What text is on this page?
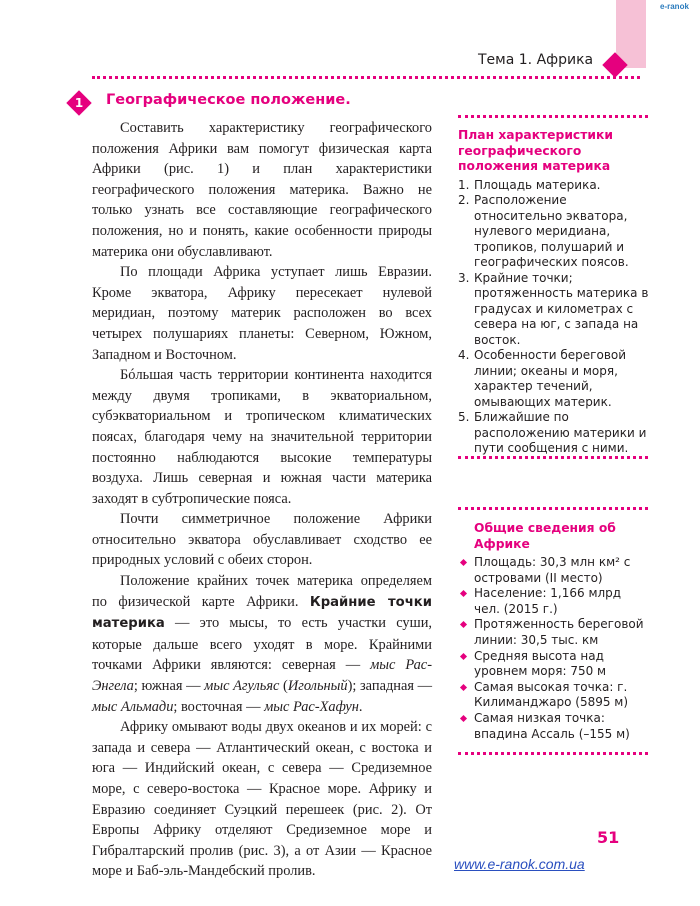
e-ranok
Тема 1. Африка
1	Географическое положение.

Составить характеристику географического положения Африки вам помогут физическая карта Африки (рис. 1) и план характеристики географического положения материка. Важно не только узнать все составляющие географического положения, но и понять, какие особенности природы материка они обуславливают.

По площади Африка уступает лишь Евразии. Кроме экватора, Африку пересекает нулевой меридиан, поэтому материк расположен во всех четырех полушариях планеты: Северном, Южном, Западном и Восточном.

Бóльшая часть территории континента находится между двумя тропиками, в экваториальном, субэкваториальном и тропическом климатических поясах, благодаря чему на значительной территории постоянно наблюдаются высокие температуры воздуха. Лишь северная и южная части материка заходят в субтропические пояса.

Почти симметричное положение Африки относительно экватора обуславливает сходство ее природных условий с обеих сторон.

Положение крайних точек материка определяем по физической карте Африки. Крайние точки материка — это мысы, то есть участки суши, которые дальше всего уходят в море. Крайними точками Африки являются: северная — мыс Рас-Энгела; южная — мыс Агульяс (Игольный); западная — мыс Альмади; восточная — мыс Рас-Хафун.

Африку омывают воды двух океанов и их морей: с запада и севера — Атлантический океан, с востока и юга — Индийский океан, с севера — Средиземное море, с северо-востока — Красное море. Африку и Евразию соединяет Суэцкий перешеек (рис. 2). От Европы Африку отделяют Средиземное море и Гибралтарский пролив (рис. 3), а от Азии — Красное море и Баб-эль-Мандебский пролив.

План характеристики географического положения материка
1. Площадь материка.
2. Расположение относительно экватора, нулевого меридиана, тропиков, полушарий и географических поясов.
3. Крайние точки; протяженность материка в градусах и километрах с севера на юг, с запада на восток.
4. Особенности береговой линии; океаны и моря, характер течений, омывающих материк.
5. Ближайшие по расположению материки и пути сообщения с ними.
Общие сведения об Африке
Площадь: 30,3 млн км² с островами (II место)
Население: 1,166 млрд чел. (2015 г.)
Протяженность береговой линии: 30,5 тыс. км
Средняя высота над уровнем моря: 750 м
Самая высокая точка: г. Килиманджаро (5895 м)
Самая низкая точка: впадина Ассаль (–155 м)
51
www.e-ranok.com.ua
